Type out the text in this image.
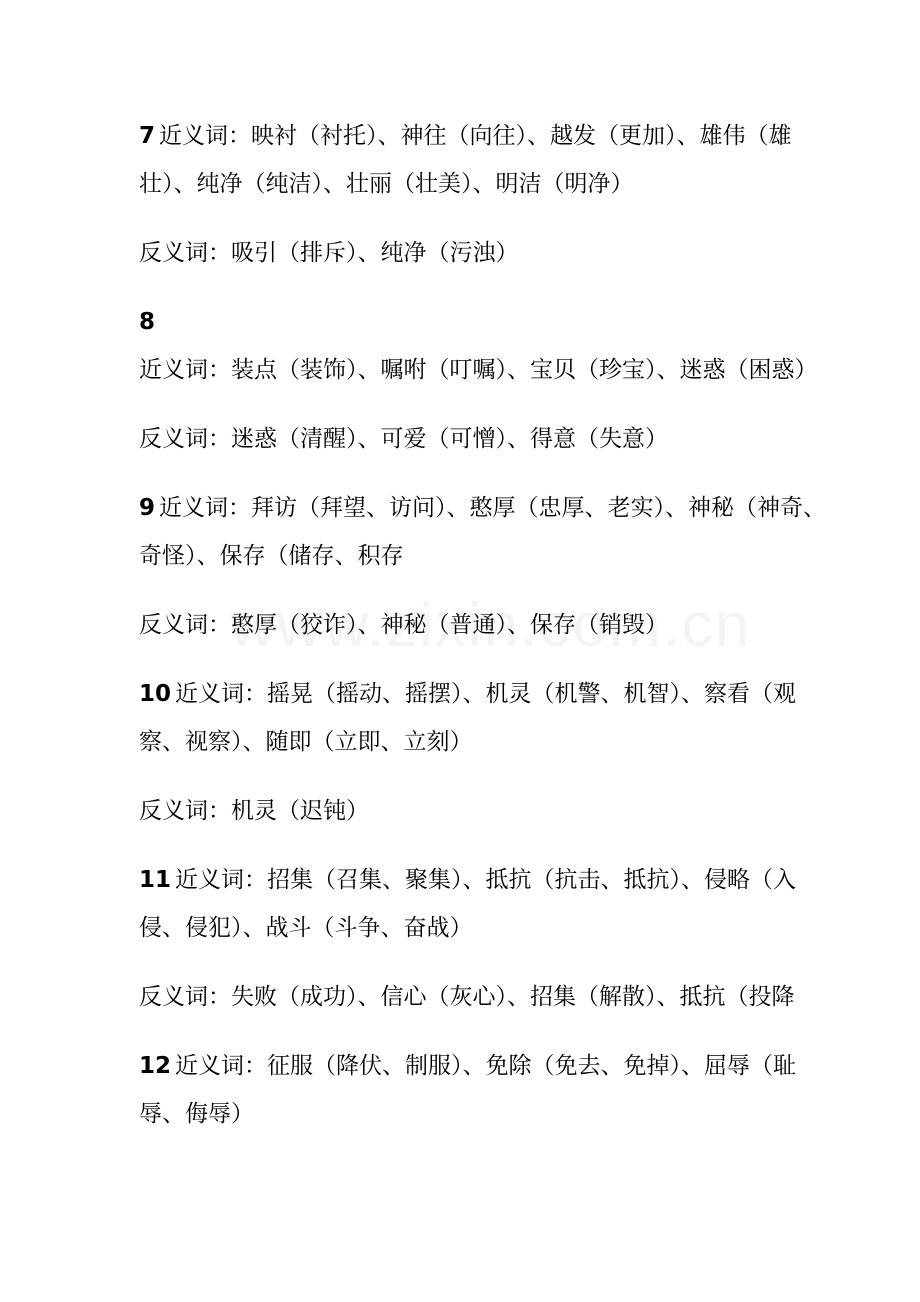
7 近义词：映衬（衬托）、神往（向往）、越发（更加）、雄伟（雄壮）、纯净（纯洁）、壮丽（壮美）、明洁（明净）

反义词：吸引（排斥）、纯净（污浊）

8近义词：装点（装饰）、嘱咐（叮嘱）、宝贝（珍宝）、迷惑（困惑）

反义词：迷惑（清醒）、可爱（可憎）、得意（失意）

9 近义词：拜访（拜望、访问）、憨厚（忠厚、老实）、神秘（神奇、奇怪）、保存（储存、积存

反义词：憨厚（狡诈）、神秘（普通）、保存（销毁）

10 近义词：摇晃（摇动、摇摆）、机灵（机警、机智）、察看（观察、视察）、随即（立即、立刻）

反义词：机灵（迟钝）

11 近义词：招集（召集、聚集）、抵抗（抗击、抵抗）、侵略（入侵、侵犯）、战斗（斗争、奋战）

反义词：失败（成功）、信心（灰心）、招集（解散）、抵抗（投降

12 近义词：征服（降伏、制服）、免除（免去、免掉）、屈辱（耻辱、侮辱）
